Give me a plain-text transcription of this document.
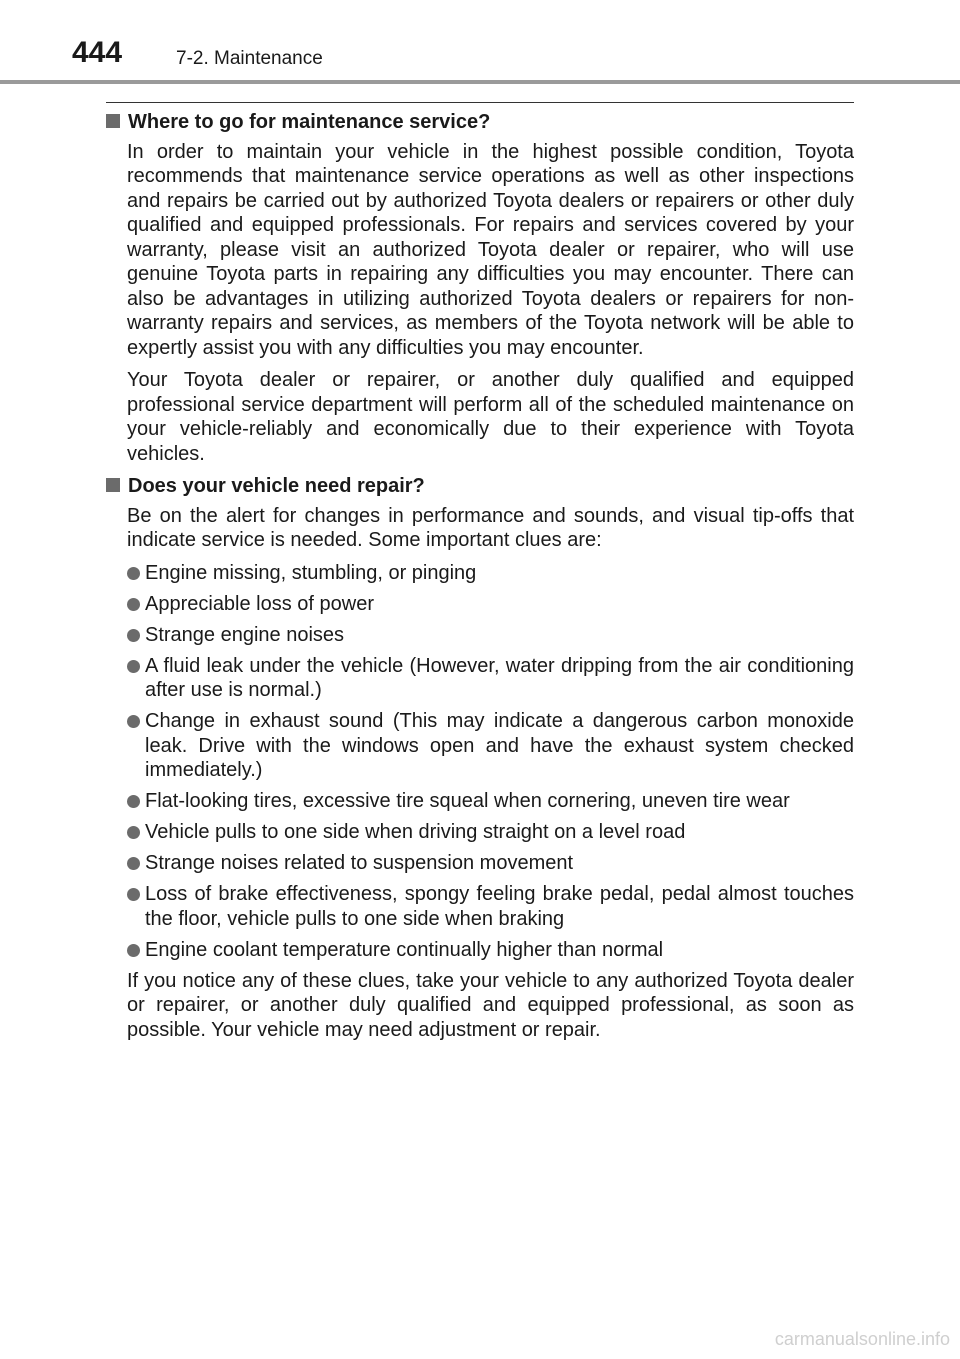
444	7-2. Maintenance
Where to go for maintenance service?

In order to maintain your vehicle in the highest possible condition, Toyota recommends that maintenance service operations as well as other inspections and repairs be carried out by authorized Toyota dealers or repairers or other duly qualified and equipped professionals. For repairs and services covered by your warranty, please visit an authorized Toyota dealer or repairer, who will use genuine Toyota parts in repairing any difficulties you may encounter. There can also be advantages in utilizing authorized Toyota dealers or repairers for non-warranty repairs and services, as members of the Toyota network will be able to expertly assist you with any difficulties you may encounter.

Your Toyota dealer or repairer, or another duly qualified and equipped professional service department will perform all of the scheduled maintenance on your vehicle-reliably and economically due to their experience with Toyota vehicles.

Does your vehicle need repair?

Be on the alert for changes in performance and sounds, and visual tip-offs that indicate service is needed. Some important clues are:

Engine missing, stumbling, or pinging
Appreciable loss of power
Strange engine noises
A fluid leak under the vehicle (However, water dripping from the air conditioning after use is normal.)
Change in exhaust sound (This may indicate a dangerous carbon monoxide leak. Drive with the windows open and have the exhaust system checked immediately.)
Flat-looking tires, excessive tire squeal when cornering, uneven tire wear
Vehicle pulls to one side when driving straight on a level road
Strange noises related to suspension movement
Loss of brake effectiveness, spongy feeling brake pedal, pedal almost touches the floor, vehicle pulls to one side when braking
Engine coolant temperature continually higher than normal

If you notice any of these clues, take your vehicle to any authorized Toyota dealer or repairer, or another duly qualified and equipped professional, as soon as possible. Your vehicle may need adjustment or repair.

carmanualsonline.info
